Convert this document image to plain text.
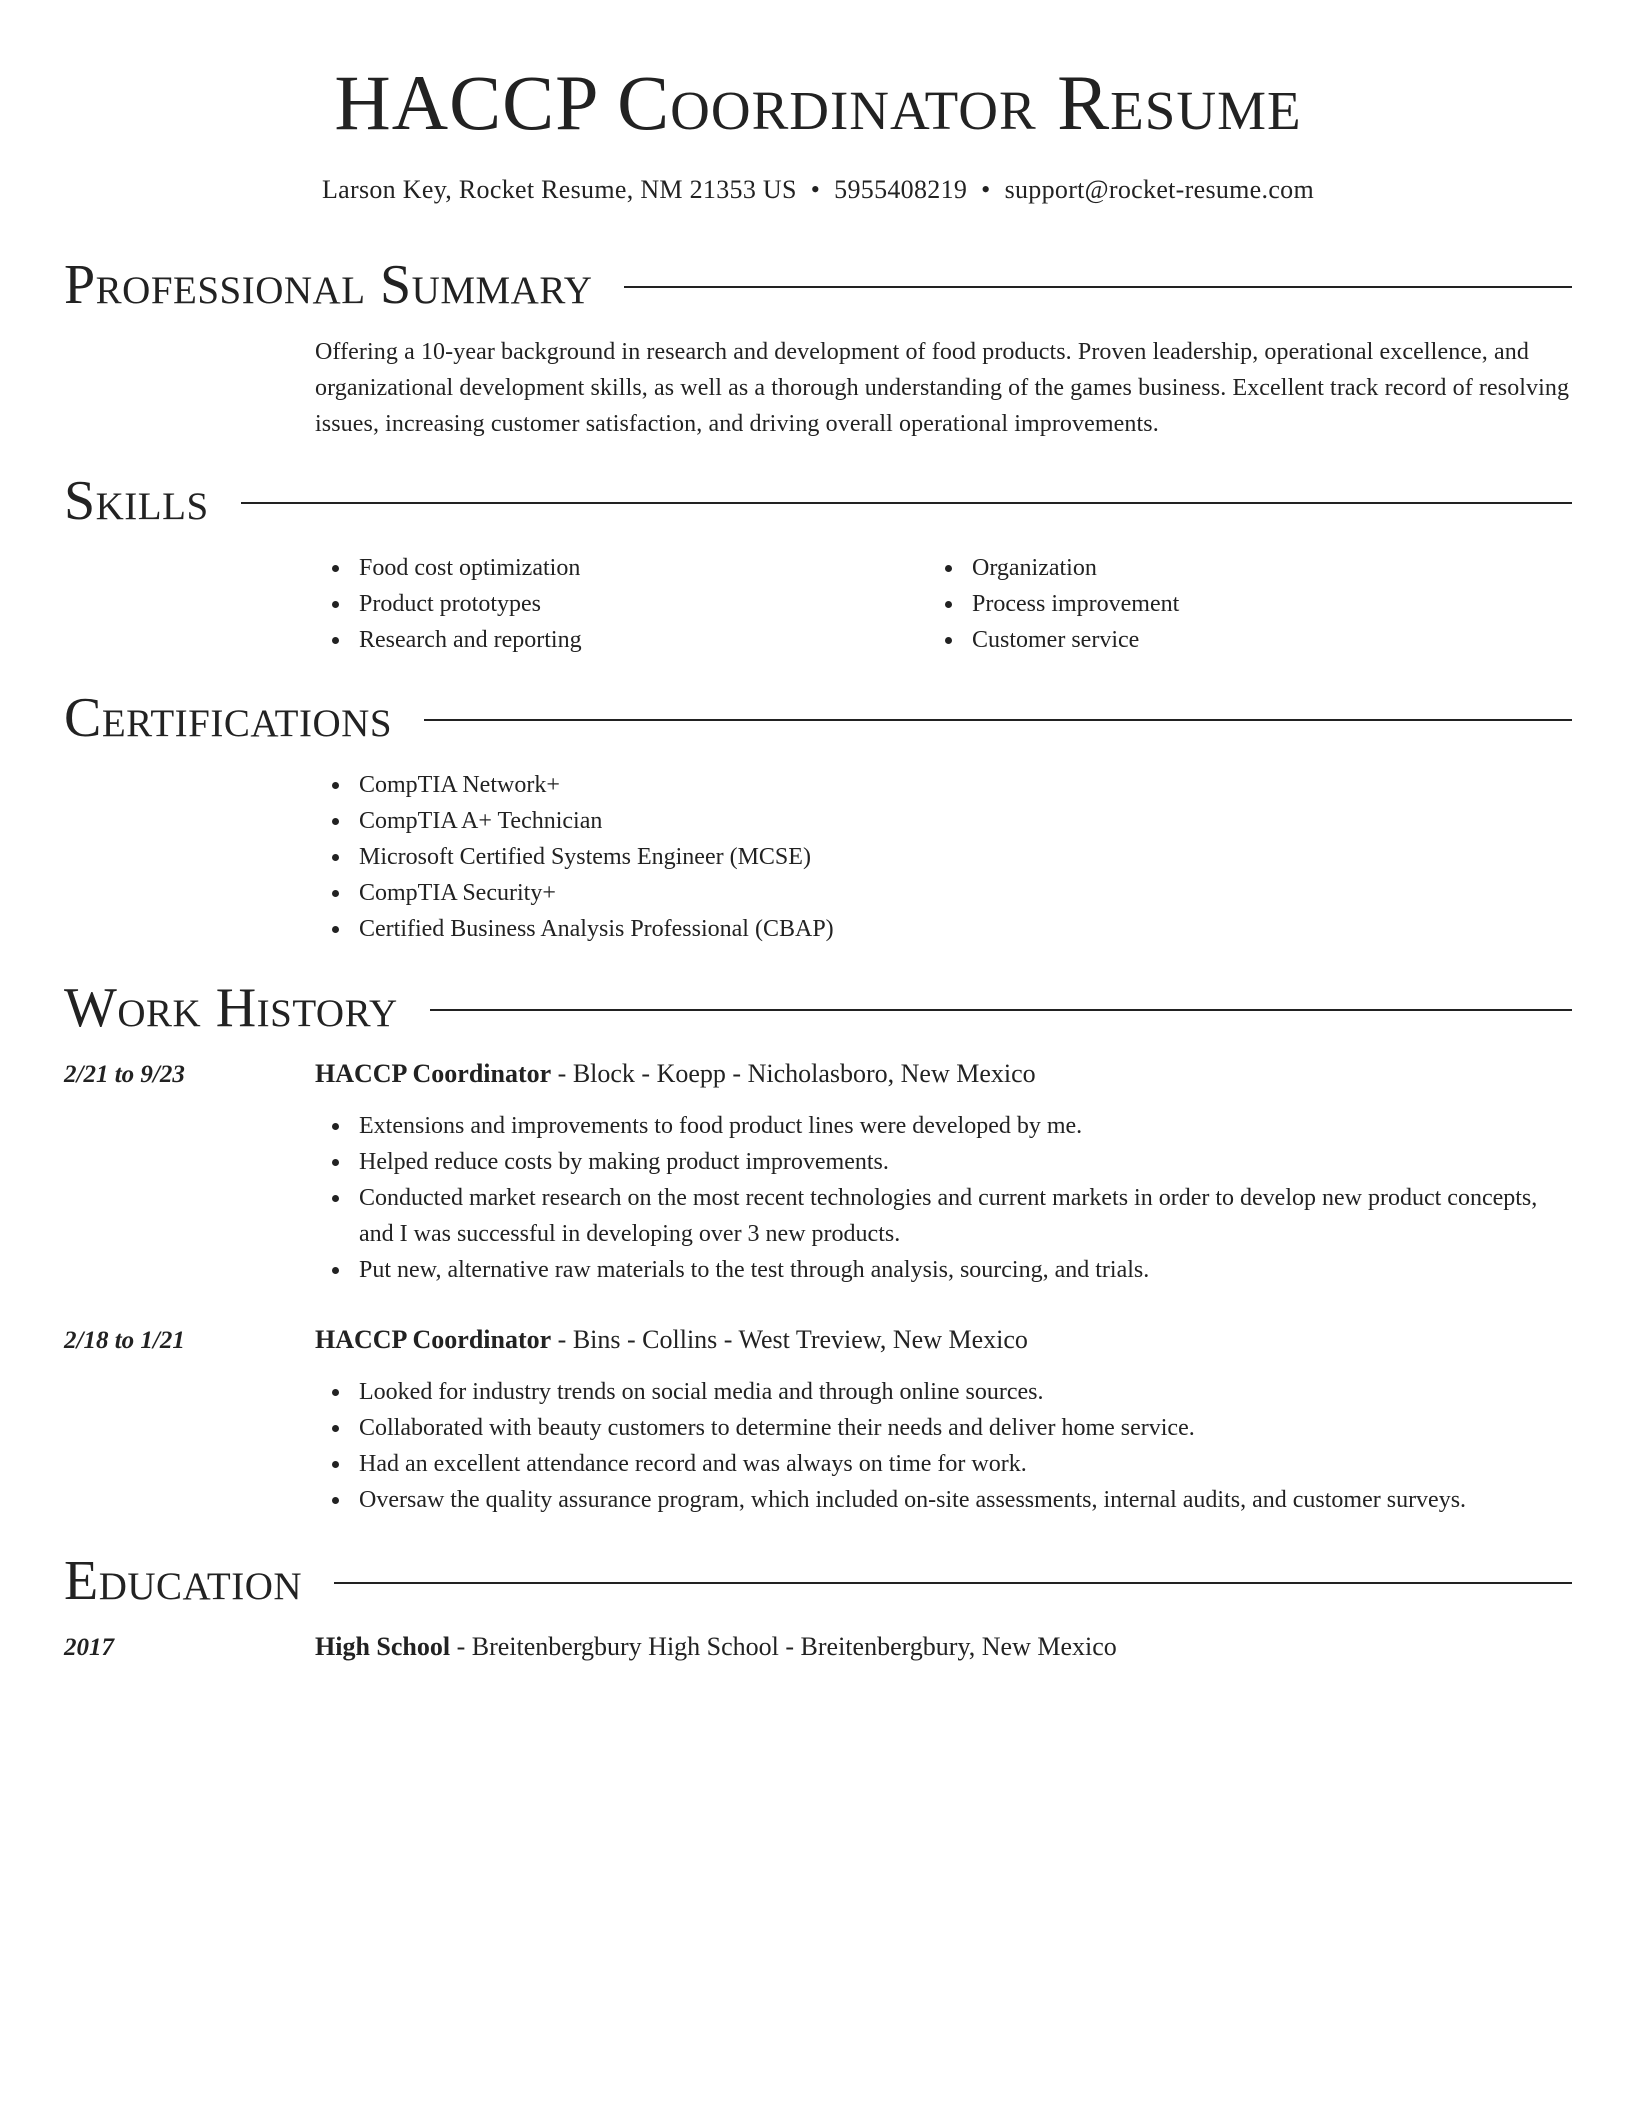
HACCP Coordinator Resume
Larson Key, Rocket Resume, NM 21353 US • 5955408219 • support@rocket-resume.com
Professional Summary
Offering a 10-year background in research and development of food products. Proven leadership, operational excellence, and organizational development skills, as well as a thorough understanding of the games business. Excellent track record of resolving issues, increasing customer satisfaction, and driving overall operational improvements.
Skills
Food cost optimization
Product prototypes
Research and reporting
Organization
Process improvement
Customer service
Certifications
CompTIA Network+
CompTIA A+ Technician
Microsoft Certified Systems Engineer (MCSE)
CompTIA Security+
Certified Business Analysis Professional (CBAP)
Work History
2/21 to 9/23	HACCP Coordinator - Block - Koepp - Nicholasboro, New Mexico
Extensions and improvements to food product lines were developed by me.
Helped reduce costs by making product improvements.
Conducted market research on the most recent technologies and current markets in order to develop new product concepts, and I was successful in developing over 3 new products.
Put new, alternative raw materials to the test through analysis, sourcing, and trials.
2/18 to 1/21	HACCP Coordinator - Bins - Collins - West Treview, New Mexico
Looked for industry trends on social media and through online sources.
Collaborated with beauty customers to determine their needs and deliver home service.
Had an excellent attendance record and was always on time for work.
Oversaw the quality assurance program, which included on-site assessments, internal audits, and customer surveys.
Education
2017	High School - Breitenbergbury High School - Breitenbergbury, New Mexico
